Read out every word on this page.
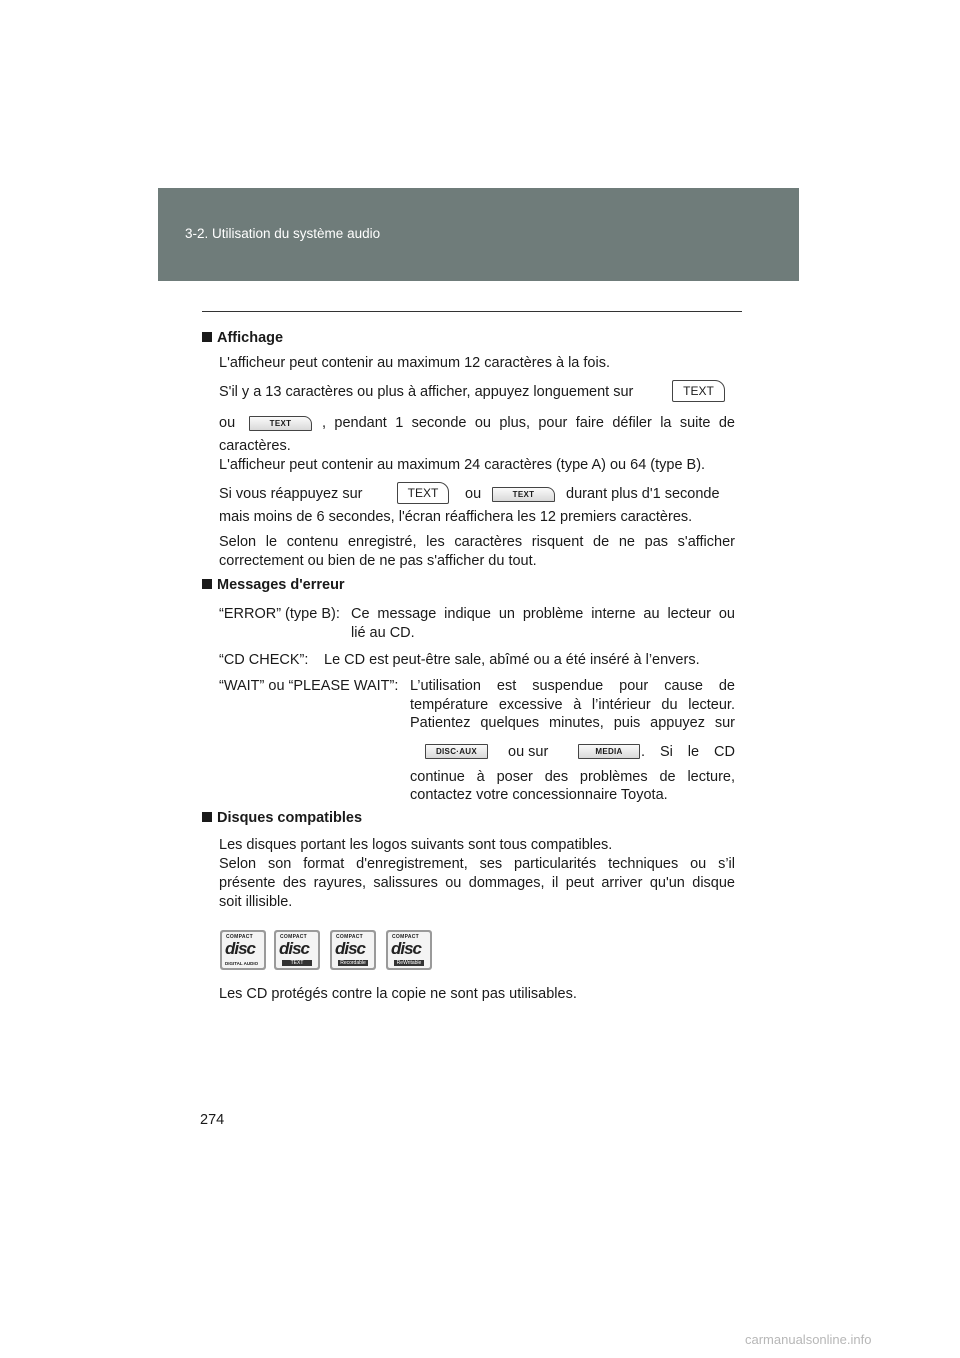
3-2. Utilisation du système audio
Affichage
L'afficheur peut contenir au maximum 12 caractères à la fois.
S'il y a 13 caractères ou plus à afficher, appuyez longuement sur	TEXT
ou	TEXT	, pendant 1 seconde ou plus, pour faire défiler la suite de
caractères.
L'afficheur peut contenir au maximum 24 caractères (type A) ou 64 (type B).
Si vous réappuyez sur	TEXT	ou	TEXT	durant plus d'1 seconde
mais moins de 6 secondes, l'écran réaffichera les 12 premiers caractères.
Selon le contenu enregistré, les caractères risquent de ne pas s'afficher
correctement ou bien de ne pas s'afficher du tout.
Messages d'erreur
“ERROR” (type B): Ce message indique un problème interne au lecteur ou
lié au CD.
“CD CHECK”: Le CD est peut-être sale, abîmé ou a été inséré à l’envers.
“WAIT” ou “PLEASE WAIT”: L’utilisation est suspendue pour cause de
température excessive à l’intérieur du lecteur.
Patientez quelques minutes, puis appuyez sur
DISC·AUX	ou sur	MEDIA	. Si le CD
continue à poser des problèmes de lecture,
contactez votre concessionnaire Toyota.
Disques compatibles
Les disques portant les logos suivants sont tous compatibles.
Selon son format d'enregistrement, ses particularités techniques ou s’il
présente des rayures, salissures ou dommages, il peut arriver qu'un disque
soit illisible.
COMPACT
disc
DIGITAL AUDIO
COMPACT
disc
TEXT
COMPACT
disc
Recordable
COMPACT
disc
ReWritable
Les CD protégés contre la copie ne sont pas utilisables.
274
carmanualsonline.info
